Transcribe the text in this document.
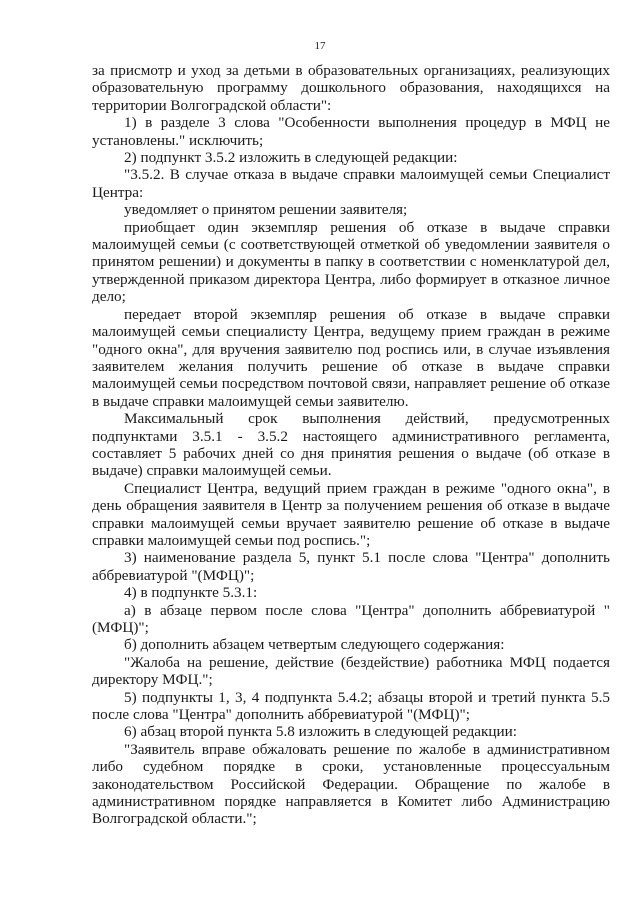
17

за присмотр и уход за детьми в образовательных организациях, реализующих образовательную программу дошкольного образования, находящихся на территории Волгоградской области":

1) в разделе 3 слова "Особенности выполнения процедур в МФЦ не установлены." исключить;

2) подпункт 3.5.2 изложить в следующей редакции:

"3.5.2. В случае отказа в выдаче справки малоимущей семьи Специалист Центра:

уведомляет о принятом решении заявителя;

приобщает один экземпляр решения об отказе в выдаче справки малоимущей семьи (с соответствующей отметкой об уведомлении заявителя о принятом решении) и документы в папку в соответствии с номенклатурой дел, утвержденной приказом директора Центра, либо формирует в отказное личное дело;

передает второй экземпляр решения об отказе в выдаче справки малоимущей семьи специалисту Центра, ведущему прием граждан в режиме "одного окна", для вручения заявителю под роспись или, в случае изъявления заявителем желания получить решение об отказе в выдаче справки малоимущей семьи посредством почтовой связи, направляет решение об отказе в выдаче справки малоимущей семьи заявителю.

Максимальный срок выполнения действий, предусмотренных подпунктами 3.5.1 - 3.5.2 настоящего административного регламента, составляет 5 рабочих дней со дня принятия решения о выдаче (об отказе в выдаче) справки малоимущей семьи.

Специалист Центра, ведущий прием граждан в режиме "одного окна", в день обращения заявителя в Центр за получением решения об отказе в выдаче справки малоимущей семьи вручает заявителю решение об отказе в выдаче справки малоимущей семьи под роспись.";

3) наименование раздела 5, пункт 5.1 после слова "Центра" дополнить аббревиатурой "(МФЦ)";

4) в подпункте 5.3.1:

а) в абзаце первом после слова "Центра" дополнить аббревиатурой "(МФЦ)";

б) дополнить абзацем четвертым следующего содержания:

"Жалоба на решение, действие (бездействие) работника МФЦ подается директору МФЦ.";

5) подпункты 1, 3, 4 подпункта 5.4.2; абзацы второй и третий пункта 5.5 после слова "Центра" дополнить аббревиатурой "(МФЦ)";

6) абзац второй пункта 5.8 изложить в следующей редакции:

"Заявитель вправе обжаловать решение по жалобе в административном либо судебном порядке в сроки, установленные процессуальным законодательством Российской Федерации. Обращение по жалобе в административном порядке направляется в Комитет либо Администрацию Волгоградской области.";
